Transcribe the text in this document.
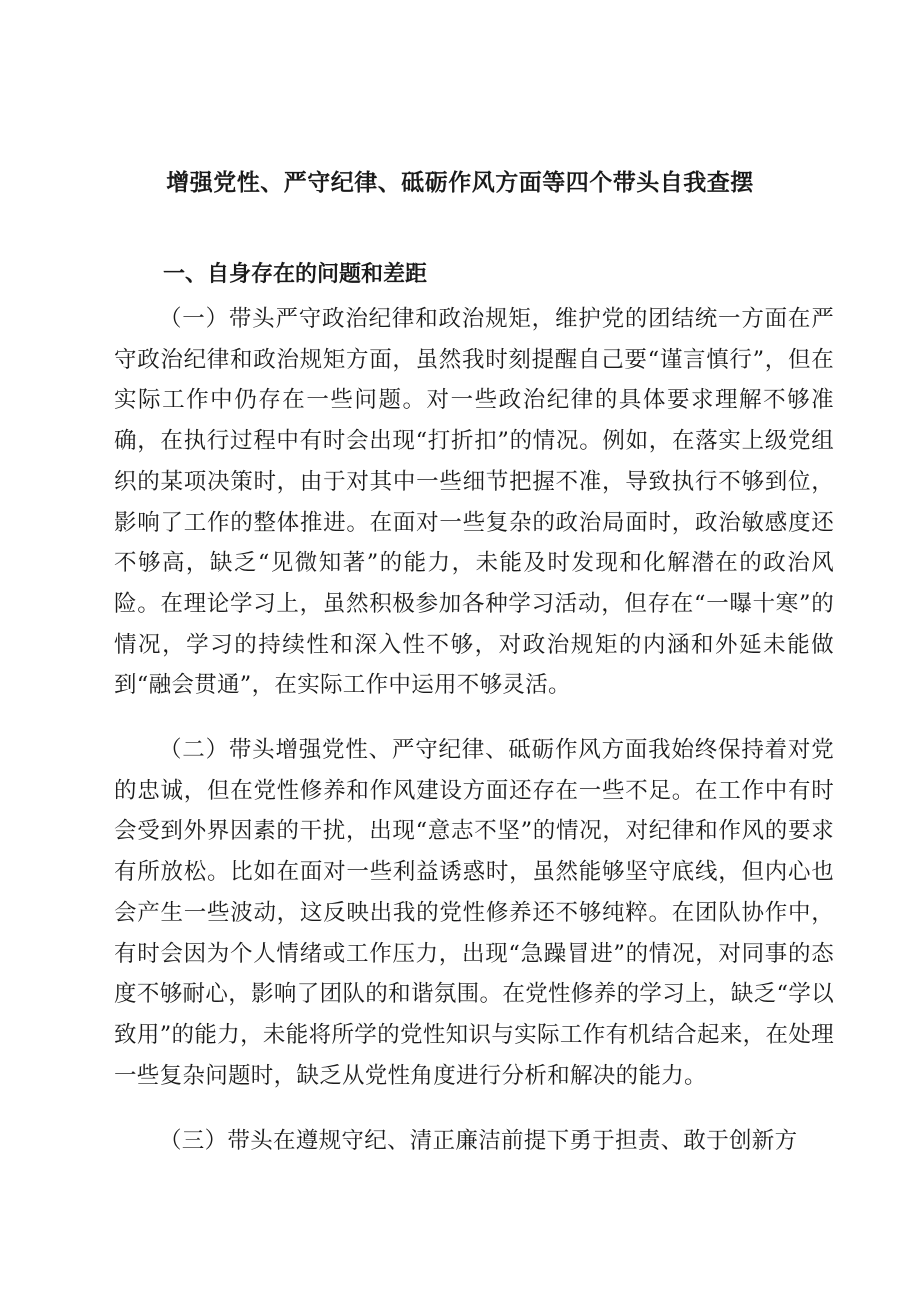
增强党性、严守纪律、砥砺作风方面等四个带头自我查摆
一、自身存在的问题和差距

（一）带头严守政治纪律和政治规矩，维护党的团结统一方面在严守政治纪律和政治规矩方面，虽然我时刻提醒自己要“谨言慎行”，但在实际工作中仍存在一些问题。对一些政治纪律的具体要求理解不够准确，在执行过程中有时会出现“打折扣”的情况。例如，在落实上级党组织的某项决策时，由于对其中一些细节把握不准，导致执行不够到位，影响了工作的整体推进。在面对一些复杂的政治局面时，政治敏感度还不够高，缺乏“见微知著”的能力，未能及时发现和化解潜在的政治风险。在理论学习上，虽然积极参加各种学习活动，但存在“一曝十寒”的情况，学习的持续性和深入性不够，对政治规矩的内涵和外延未能做到“融会贯通”，在实际工作中运用不够灵活。

（二）带头增强党性、严守纪律、砥砺作风方面我始终保持着对党的忠诚，但在党性修养和作风建设方面还存在一些不足。在工作中有时会受到外界因素的干扰，出现“意志不坚”的情况，对纪律和作风的要求有所放松。比如在面对一些利益诱惑时，虽然能够坚守底线，但内心也会产生一些波动，这反映出我的党性修养还不够纯粹。在团队协作中，有时会因为个人情绪或工作压力，出现“急躁冒进”的情况，对同事的态度不够耐心，影响了团队的和谐氛围。在党性修养的学习上，缺乏“学以致用”的能力，未能将所学的党性知识与实际工作有机结合起来，在处理一些复杂问题时，缺乏从党性角度进行分析和解决的能力。

（三）带头在遵规守纪、清正廉洁前提下勇于担责、敢于创新方
